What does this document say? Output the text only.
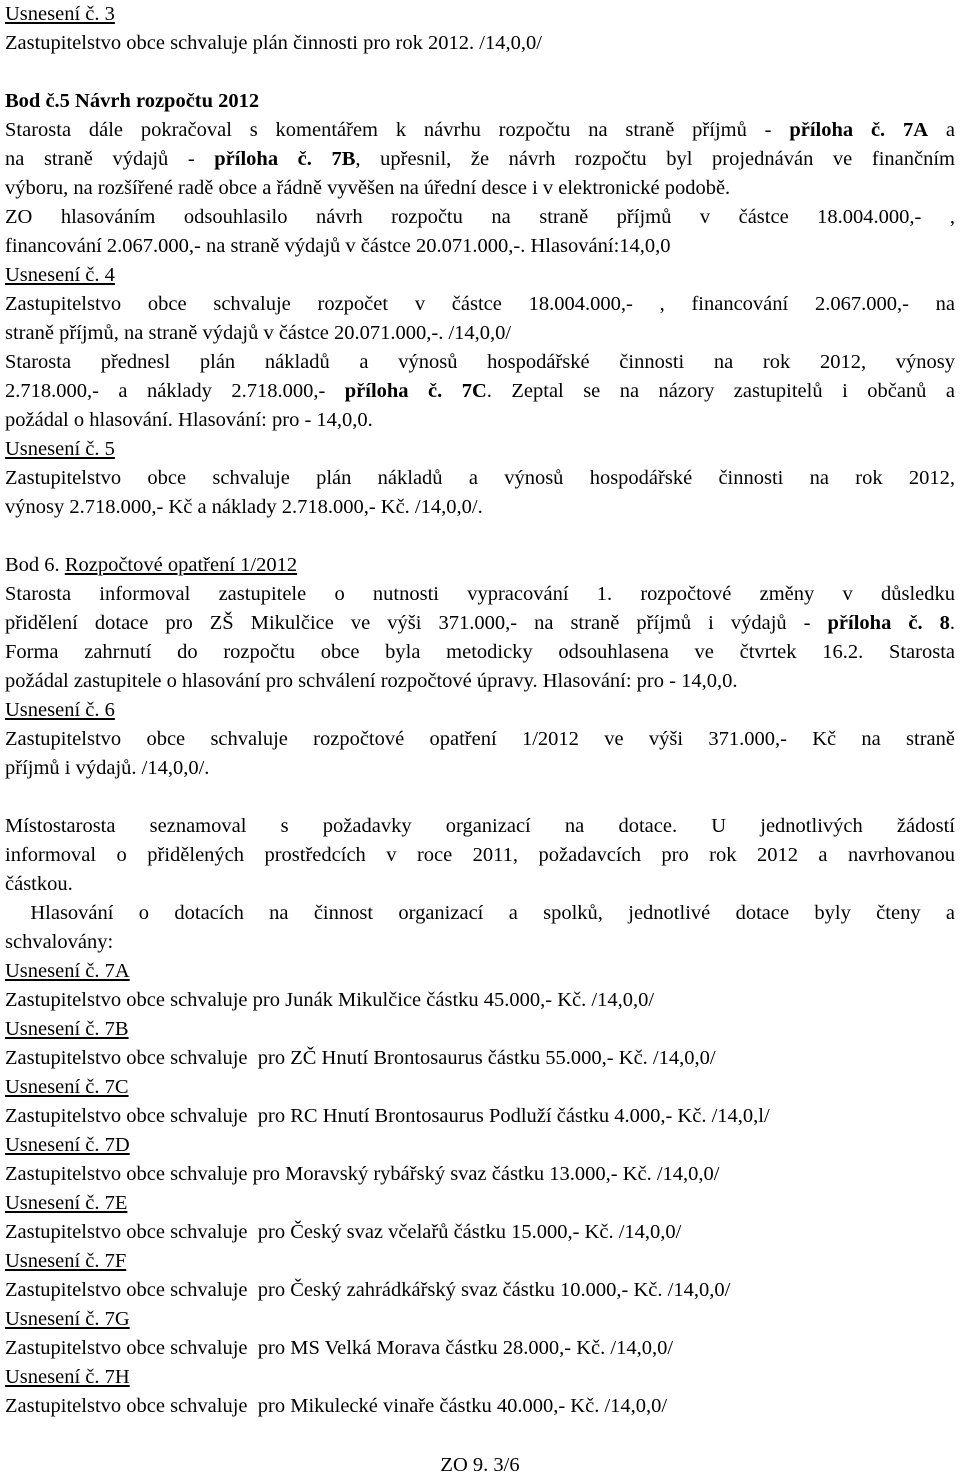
Usnesení č. 3
Zastupitelstvo obce schvaluje plán činnosti pro rok 2012. /14,0,0/
Bod č.5 Návrh rozpočtu 2012
Starosta dále pokračoval s komentářem k návrhu rozpočtu na straně příjmů - příloha č. 7A a
na straně výdajů - příloha č. 7B, upřesnil, že návrh rozpočtu byl projednáván ve finančním
výboru, na rozšířené radě obce a řádně vyvěšen na úřední desce i v elektronické podobě.
ZO hlasováním odsouhlasilo návrh rozpočtu na straně příjmů v částce 18.004.000,- ,
financování 2.067.000,- na straně výdajů v částce 20.071.000,-. Hlasování:14,0,0
Usnesení č. 4
Zastupitelstvo obce schvaluje rozpočet v částce 18.004.000,- , financování 2.067.000,- na
straně příjmů, na straně výdajů v částce 20.071.000,-. /14,0,0/
Starosta přednesl plán nákladů a výnosů hospodářské činnosti na rok 2012, výnosy
2.718.000,- a náklady 2.718.000,- příloha č. 7C. Zeptal se na názory zastupitelů i občanů a
požádal o hlasování. Hlasování: pro - 14,0,0.
Usnesení č. 5
Zastupitelstvo obce schvaluje plán nákladů a výnosů hospodářské činnosti na rok 2012,
výnosy 2.718.000,- Kč a náklady 2.718.000,- Kč. /14,0,0/.
Bod 6. Rozpočtové opatření 1/2012
Starosta informoval zastupitele o nutnosti vypracování 1. rozpočtové změny v důsledku
přidělení dotace pro ZŠ Mikulčice ve výši 371.000,- na straně příjmů i výdajů - příloha č. 8.
Forma zahrnutí do rozpočtu obce byla metodicky odsouhlasena ve čtvrtek 16.2. Starosta
požádal zastupitele o hlasování pro schválení rozpočtové úpravy. Hlasování: pro - 14,0,0.
Usnesení č. 6
Zastupitelstvo obce schvaluje rozpočtové opatření 1/2012 ve výši 371.000,- Kč na straně
příjmů i výdajů. /14,0,0/.
Místostarosta seznamoval s požadavky organizací na dotace. U jednotlivých žádostí
informoval o přidělených prostředcích v roce 2011, požadavcích pro rok 2012 a navrhovanou
částkou.
Hlasování o dotacích na činnost organizací a spolků, jednotlivé dotace byly čteny a
schvalovány:
Usnesení č. 7A
Zastupitelstvo obce schvaluje pro Junák Mikulčice částku 45.000,- Kč. /14,0,0/
Usnesení č. 7B
Zastupitelstvo obce schvaluje  pro ZČ Hnutí Brontosaurus částku 55.000,- Kč. /14,0,0/
Usnesení č. 7C
Zastupitelstvo obce schvaluje  pro RC Hnutí Brontosaurus Podluží částku 4.000,- Kč. /14,0,l/
Usnesení č. 7D
Zastupitelstvo obce schvaluje pro Moravský rybářský svaz částku 13.000,- Kč. /14,0,0/
Usnesení č. 7E
Zastupitelstvo obce schvaluje  pro Český svaz včelařů částku 15.000,- Kč. /14,0,0/
Usnesení č. 7F
Zastupitelstvo obce schvaluje  pro Český zahrádkářský svaz částku 10.000,- Kč. /14,0,0/
Usnesení č. 7G
Zastupitelstvo obce schvaluje  pro MS Velká Morava částku 28.000,- Kč. /14,0,0/
Usnesení č. 7H
Zastupitelstvo obce schvaluje  pro Mikulecké vinaře částku 40.000,- Kč. /14,0,0/
ZO 9. 3/6
